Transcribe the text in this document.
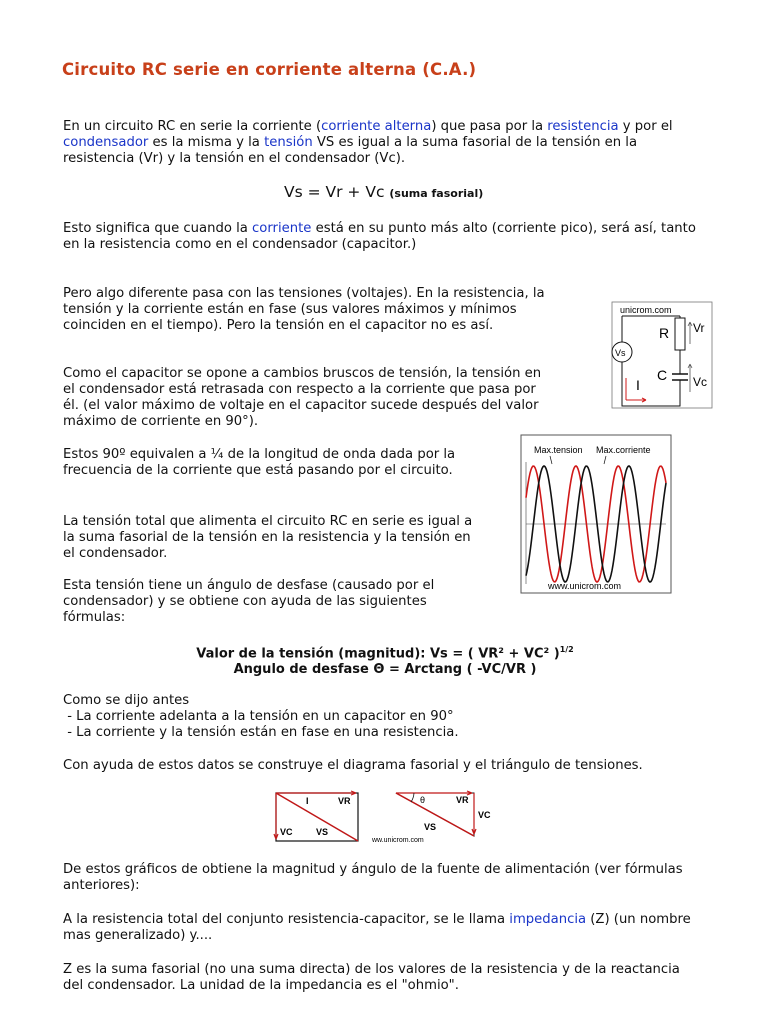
Circuito RC serie en corriente alterna (C.A.)

En un circuito RC en serie la corriente (corriente alterna) que pasa por la resistencia y por el condensador es la misma y la tensión VS es igual a la suma fasorial de la tensión en la resistencia (Vr) y la tensión en el condensador (Vc).

Vs = Vr + Vc (suma fasorial)

Esto significa que cuando la corriente está en su punto más alto (corriente pico), será así, tanto en la resistencia como en el condensador (capacitor.)

Pero algo diferente pasa con las tensiones (voltajes). En la resistencia, la tensión y la corriente están en fase (sus valores máximos y mínimos coinciden en el tiempo). Pero la tensión en el capacitor no es así.

Como el capacitor se opone a cambios bruscos de tensión, la tensión en el condensador está retrasada con respecto a la corriente que pasa por él. (el valor máximo de voltaje en el capacitor sucede después del valor máximo de corriente en 90°).

Estos 90º equivalen a ¼ de la longitud de onda dada por la frecuencia de la corriente que está pasando por el circuito.

La tensión total que alimenta el circuito RC en serie es igual a la suma fasorial de la tensión en la resistencia y la tensión en el condensador.

Esta tensión tiene un ángulo de desfase (causado por el condensador) y se obtiene con ayuda de las siguientes fórmulas:

Valor de la tensión (magnitud): Vs = ( VR² + VC² )$^{1/2}$
Angulo de desfase Θ = Arctang ( -VC/VR )
Como se dijo antes
- La corriente adelanta a la tensión en un capacitor en 90°
- La corriente y la tensión están en fase en una resistencia.

Con ayuda de estos datos se construye el diagrama fasorial y el triángulo de tensiones.

De estos gráficos de obtiene la magnitud y ángulo de la fuente de alimentación (ver fórmulas anteriores):

A la resistencia total del conjunto resistencia-capacitor, se le llama impedancia (Z) (un nombre mas generalizado) y....

Z es la suma fasorial (no una suma directa) de los valores de la resistencia y de la reactancia del condensador. La unidad de la impedancia es el "ohmio".

unicrom.com
Vs
R
C
Vr
Vc
I
Max.tension Max.corriente
www.unicrom.com
I	VR
VC	VS
θ	VR
VC
VS
ww.unicrom.com
